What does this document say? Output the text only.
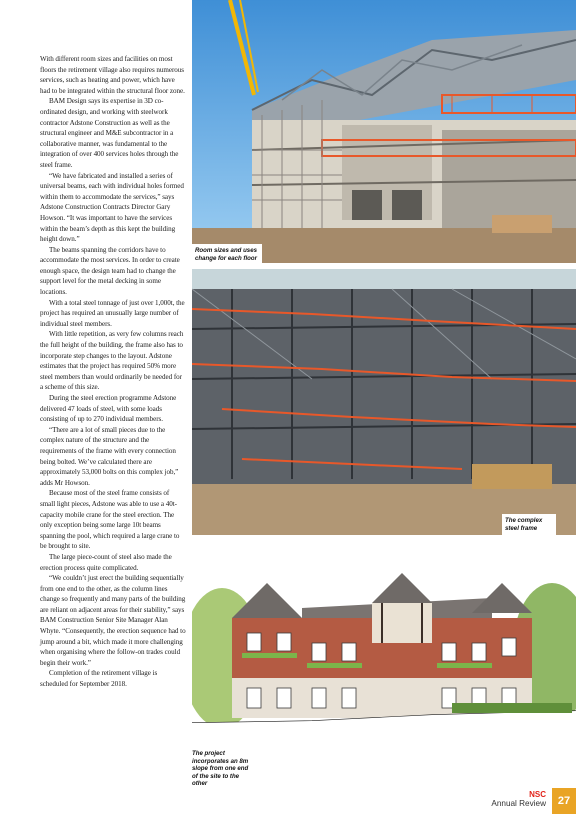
With different room sizes and facilities on most floors the retirement village also requires numerous services, such as heating and power, which have had to be integrated within the structural floor zone.

BAM Design says its expertise in 3D co-ordinated design, and working with steelwork contractor Adstone Construction as well as the structural engineer and M&E subcontractor in a collaborative manner, was fundamental to the integration of over 400 services holes through the steel frame.

“We have fabricated and installed a series of universal beams, each with individual holes formed within them to accommodate the services,” says Adstone Construction Contracts Director Gary Howson. “It was important to have the services within the beam’s depth as this kept the building height down.”

The beams spanning the corridors have to accommodate the most services. In order to create enough space, the design team had to change the support level for the metal decking in some locations.

With a total steel tonnage of just over 1,000t, the project has required an unusually large number of individual steel members.

With little repetition, as very few columns reach the full height of the building, the frame also has to incorporate step changes to the layout. Adstone estimates that the project has required 50% more steel members than would ordinarily be needed for a scheme of this size.

During the steel erection programme Adstone delivered 47 loads of steel, with some loads consisting of up to 270 individual members.

“There are a lot of small pieces due to the complex nature of the structure and the requirements of the frame with every connection being bolted. We’ve calculated there are approximately 53,000 bolts on this complex job,” adds Mr Howson.

Because most of the steel frame consists of small light pieces, Adstone was able to use a 40t-capacity mobile crane for the steel erection. The only exception being some large 10t beams spanning the pool, which required a large crane to be brought to site.

The large piece-count of steel also made the erection process quite complicated.

“We couldn’t just erect the building sequentially from one end to the other, as the column lines change so frequently and many parts of the building are reliant on adjacent areas for their stability,” says BAM Construction Senior Site Manager Alan Whyte. “Consequently, the erection sequence had to jump around a bit, which made it more challenging when organising where the follow-on trades could begin their work.”

Completion of the retirement village is scheduled for September 2018.

Room sizes and uses change for each floor
The complex steel frame
The project incorporates an 8m slope from one end of the site to the other
NSC
Annual Review	27
